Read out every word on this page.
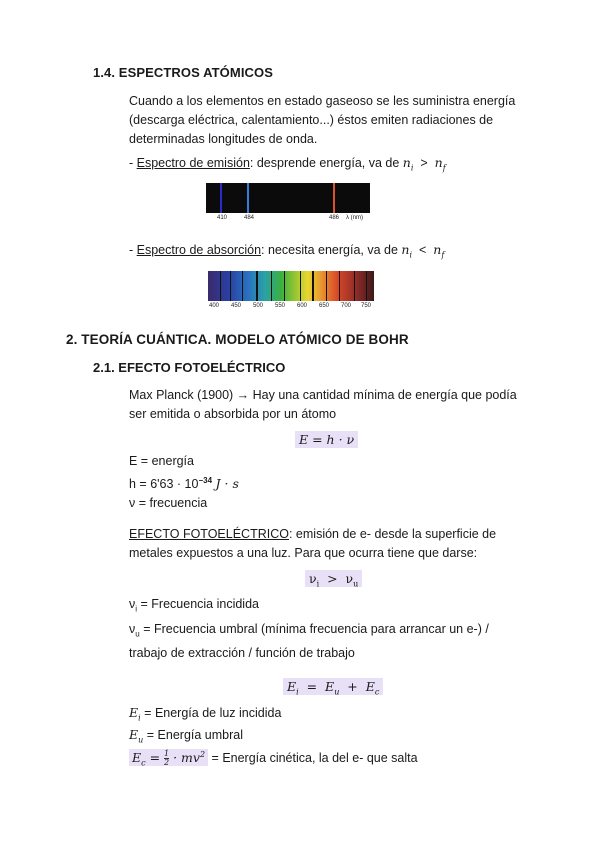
1.4. ESPECTROS ATÓMICOS
Cuando a los elementos en estado gaseoso se les suministra energía
(descarga eléctrica, calentamiento...) éstos emiten radiaciones de
determinadas longitudes de onda.
- Espectro de emisión: desprende energía, va de $n_i > n_f$
410	484	486 λ (nm)
- Espectro de absorción: necesita energía, va de $n_i < n_f$
400 450 500 550 600 650 700 750
2. TEORÍA CUÁNTICA. MODELO ATÓMICO DE BOHR
2.1. EFECTO FOTOELÉCTRICO
Max Planck (1900) → Hay una cantidad mínima de energía que podía
ser emitida o absorbida por un átomo
E = h · ν
E = energía
$h = 6'63 \cdot 10^{-34}$ J · s
ν = frecuencia
EFECTO FOTOELÉCTRICO: emisión de e- desde la superficie de
metales expuestos a una luz. Para que ocurra tiene que darse:
$\nu_i > \nu_u$
$\nu_i$ = Frecuencia incidida
$\nu_u$ = Frecuencia umbral (mínima frecuencia para arrancar un e-) /
trabajo de extracción / función de trabajo
$E_i = E_u + E_c$
$E_i$ = Energía de luz incidida
$E_u$ = Energía umbral
$E_c = \frac{1}{2} \cdot mv^2$ = Energía cinética, la del e- que salta
